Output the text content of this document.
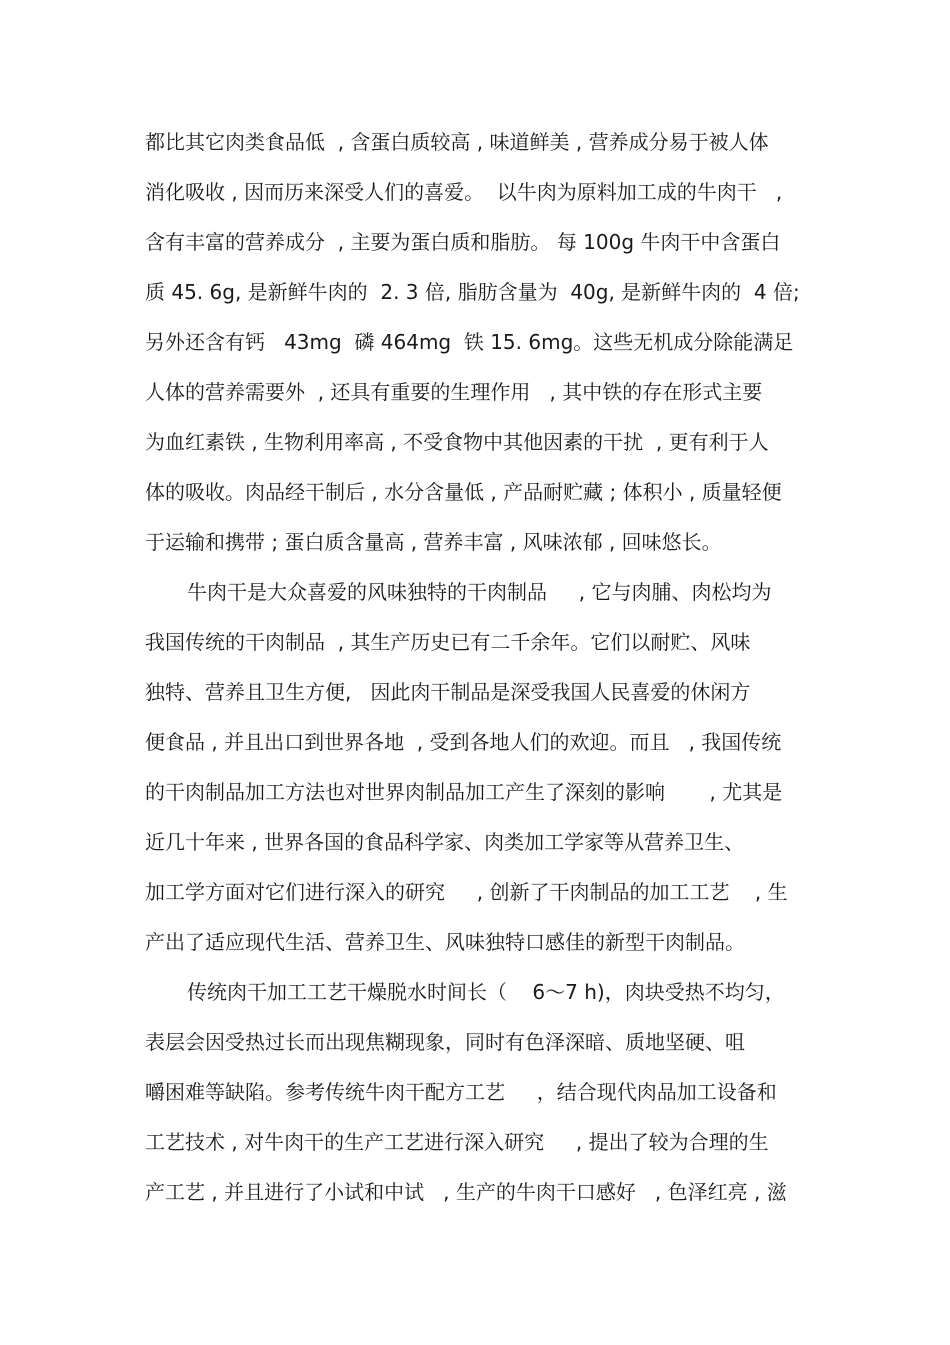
都比其它肉类食品低  , 含蛋白质较高 , 味道鲜美 , 营养成分易于被人体
消化吸收 , 因而历来深受人们的喜爱。  以牛肉为原料加工成的牛肉干   ,
含有丰富的营养成分  , 主要为蛋白质和脂肪。 每 100g 牛肉干中含蛋白
质 45. 6g, 是新鲜牛肉的  2. 3 倍, 脂肪含量为  40g, 是新鲜牛肉的  4 倍;
另外还含有钙   43mg  磷 464mg  铁 15. 6mg。这些无机成分除能满足
人体的营养需要外  , 还具有重要的生理作用   , 其中铁的存在形式主要
为血红素铁 , 生物利用率高 , 不受食物中其他因素的干扰  , 更有利于人
体的吸收。肉品经干制后 , 水分含量低 , 产品耐贮藏 ; 体积小 , 质量轻便
于运输和携带 ; 蛋白质含量高 , 营养丰富 , 风味浓郁 , 回味悠长。
牛肉干是大众喜爱的风味独特的干肉制品     , 它与肉脯、肉松均为
我国传统的干肉制品  , 其生产历史已有二千余年。它们以耐贮、风味
独特、营养且卫生方便,   因此肉干制品是深受我国人民喜爱的休闲方
便食品 , 并且出口到世界各地  , 受到各地人们的欢迎。而且   , 我国传统
的干肉制品加工方法也对世界肉制品加工产生了深刻的影响       , 尤其是
近几十年来 , 世界各国的食品科学家、肉类加工学家等从营养卫生、
加工学方面对它们进行深入的研究     , 创新了干肉制品的加工工艺    , 生
产出了适应现代生活、营养卫生、风味独特口感佳的新型干肉制品。
传统肉干加工工艺干燥脱水时间长（    6～7 h)，肉块受热不均匀，
表层会因受热过长而出现焦糊现象，同时有色泽深暗、质地坚硬、咀
嚼困难等缺陷。参考传统牛肉干配方工艺     ，结合现代肉品加工设备和
工艺技术 , 对牛肉干的生产工艺进行深入研究     , 提出了较为合理的生
产工艺 , 并且进行了小试和中试   , 生产的牛肉干口感好   , 色泽红亮 , 滋
